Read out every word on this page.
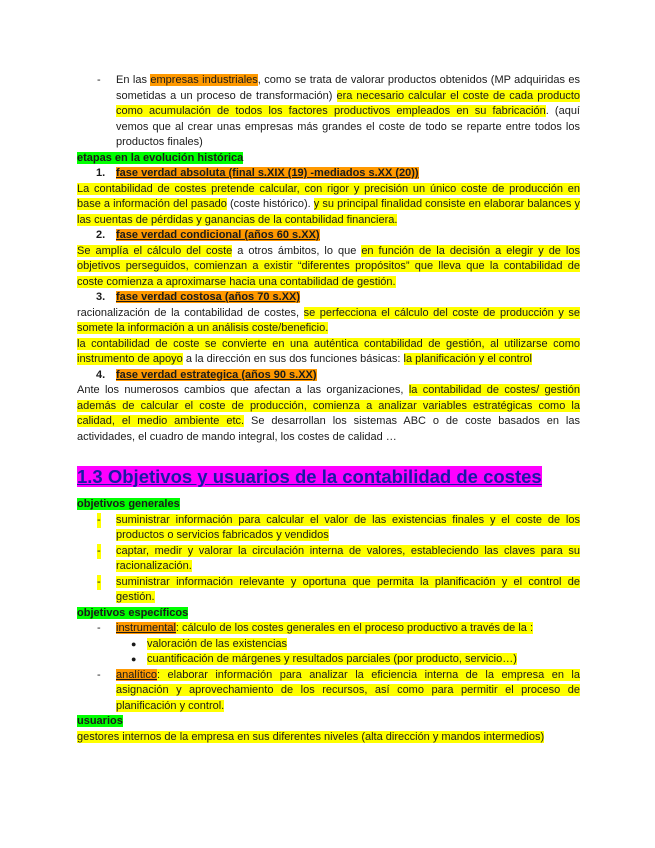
- En las empresas industriales, como se trata de valorar productos obtenidos (MP adquiridas es sometidas a un proceso de transformación) era necesario calcular el coste de cada producto como acumulación de todos los factores productivos empleados en su fabricación. (aquí vemos que al crear unas empresas más grandes el coste de todo se reparte entre todos los productos finales)
etapas en la evolución histórica
1. fase verdad absoluta (final s.XIX (19) -mediados s.XX (20))

La contabilidad de costes pretende calcular, con rigor y precisión un único coste de producción en base a información del pasado (coste histórico). y su principal finalidad consiste en elaborar balances y las cuentas de pérdidas y ganancias de la contabilidad financiera.

2. fase verdad condicional (años 60 s.XX)

Se amplía el cálculo del coste a otros ámbitos, lo que en función de la decisión a elegir y de los objetivos perseguidos, comienzan a existir “diferentes propósitos” que lleva que la contabilidad de coste comienza a aproximarse hacia una contabilidad de gestión.

3. fase verdad costosa (años 70 s.XX)

racionalización de la contabilidad de costes, se perfecciona el cálculo del coste de producción y se somete la información a un análisis coste/beneficio.

la contabilidad de coste se convierte en una auténtica contabilidad de gestión, al utilizarse como instrumento de apoyo a la dirección en sus dos funciones básicas: la planificación y el control

4. fase verdad estrategica (años 90 s.XX)

Ante los numerosos cambios que afectan a las organizaciones, la contabilidad de costes/ gestión además de calcular el coste de producción, comienza a analizar variables estratégicas como la calidad, el medio ambiente etc. Se desarrollan los sistemas ABC o de coste basados en las actividades, el cuadro de mando integral, los costes de calidad …

1.3 Objetivos y usuarios de la contabilidad de costes
objetivos generales
- suministrar información para calcular el valor de las existencias finales y el coste de los productos o servicios fabricados y vendidos
- captar, medir y valorar la circulación interna de valores, estableciendo las claves para su racionalización.
- suministrar información relevante y oportuna que permita la planificación y el control de gestión.
objetivos específicos
- instrumental: cálculo de los costes generales en el proceso productivo a través de la :
● valoración de las existencias
● cuantificación de márgenes y resultados parciales (por producto, servicio…)
- analítico: elaborar información para analizar la eficiencia interna de la empresa en la asignación y aprovechamiento de los recursos, así como para permitir el proceso de planificación y control.
usuarios

gestores internos de la empresa en sus diferentes niveles (alta dirección y mandos intermedios)
